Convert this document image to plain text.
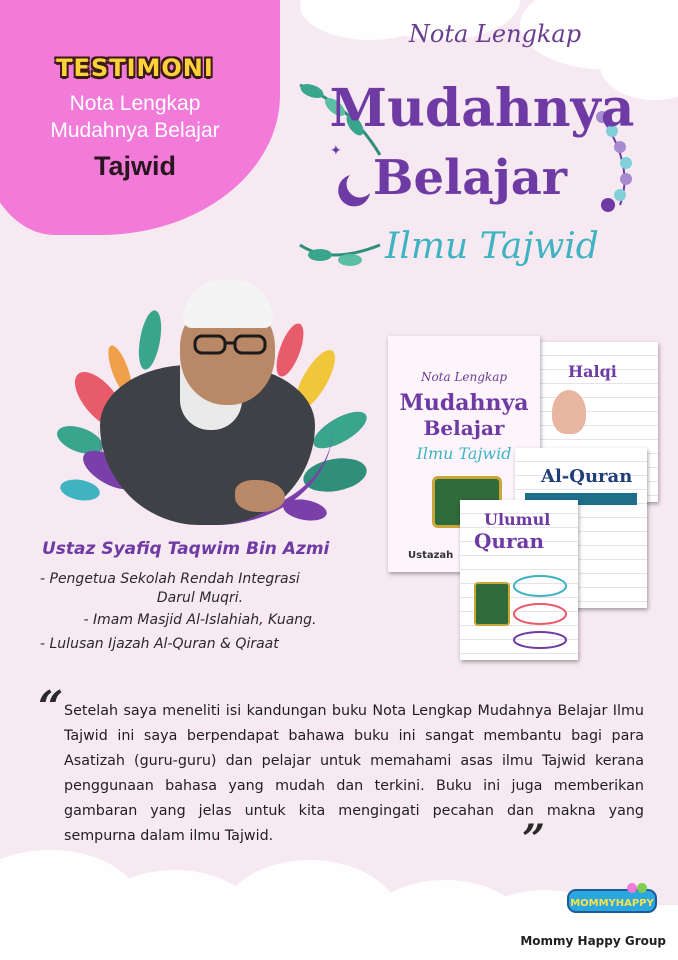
TESTIMONI
Nota Lengkap
Mudahnya Belajar
Tajwid	✦
Nota Lengkap
Mudahnya
Belajar
Ilmu Tajwid
Halqi
Nota Lengkap
Mudahnya
Belajar
Ilmu Tajwid
Ustazah
Al-Quran
Ulumul
Quran
Ustaz Syafiq Taqwim Bin Azmi
- Pengetua Sekolah Rendah Integrasi
Darul Muqri.
- Imam Masjid Al-Islahiah, Kuang.
- Lulusan Ijazah Al-Quran & Qiraat
“ Setelah saya meneliti isi kandungan buku Nota Lengkap Mudahnya Belajar Ilmu Tajwid ini saya berpendapat bahawa buku ini sangat membantu bagi para Asatizah (guru-guru) dan pelajar untuk memahami asas ilmu Tajwid kerana penggunaan bahasa yang mudah dan terkini. Buku ini juga memberikan gambaran yang jelas untuk kita mengingati pecahan dan makna yang sempurna dalam ilmu Tajwid.	”
MOMMYHAPPY
Mommy Happy Group
